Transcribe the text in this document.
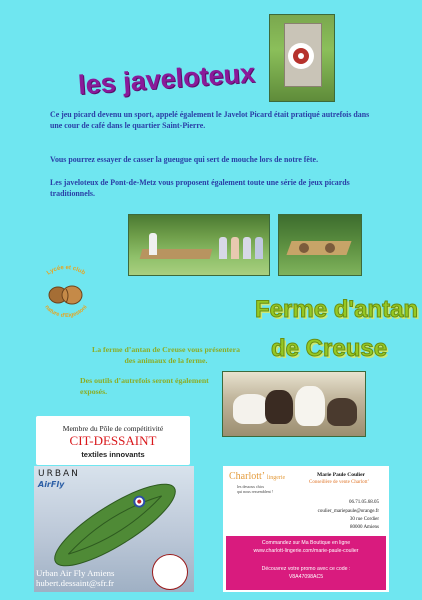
les javeloteux
Ce jeu picard devenu un sport, appelé également le Javelot Picard était pratiqué autrefois dans une cour de café dans le quartier Saint-Pierre.
Vous pourrez essayer de casser la gueugue qui sert de mouche lors de notre fête.
Les javeloteux de Pont-de-Metz vous proposent également toute une série de jeux picards traditionnels.
Lycée et club
nature d’Eigestoni	Ferme d'antan
de Creuse
La ferme d’antan de Creuse vous présentera des animaux de la ferme.
Des outils d’autrefois seront également exposés.
Membre du Pôle de compétitivité
CIT-DESSAINT
textiles innovants
URBAN
AirFly
Urban Air Fly Amiens
hubert.dessaint@sfr.fr
Charlott’ lingerie
les dessous chics
qui nous ressemblent !
Marie Paule Coulier
Conseillère de vente Charlott’
06.71.05.68.05
coulier_mariepaule@orange.fr
30 rue Cordier
80000 Amiens
Commandez sur Ma Boutique en ligne
www.charlott-lingerie.com/marie-paule-coulier
Découvrez votre promo avec ce code :
V8A47098AC5
